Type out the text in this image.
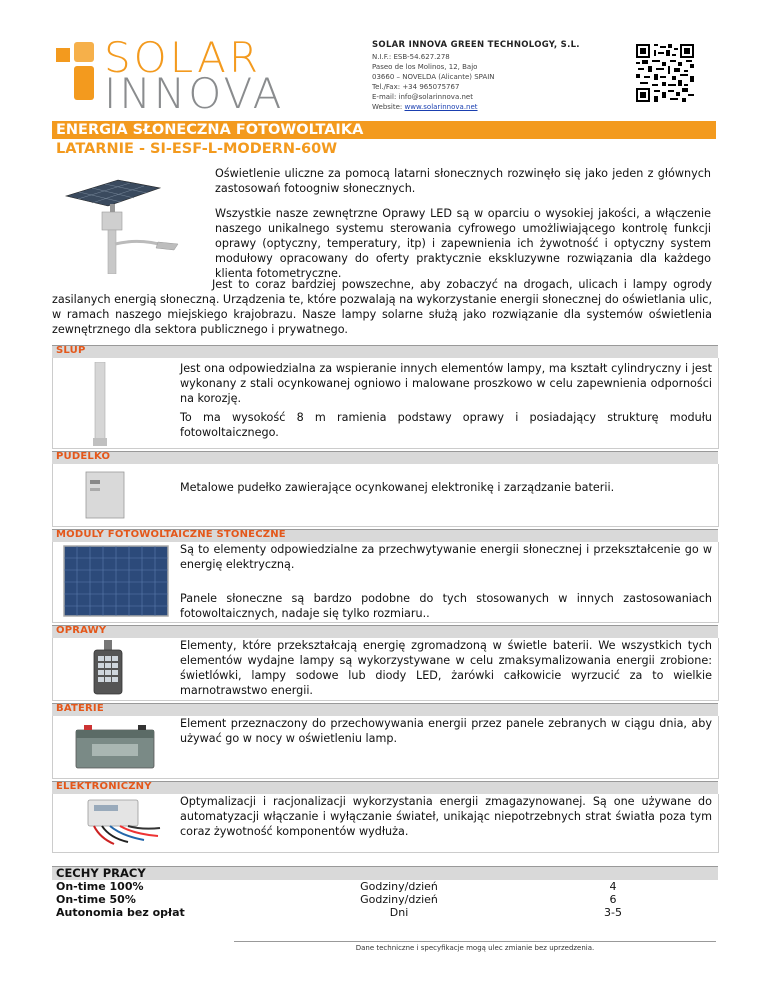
SOLAR
INNOVA
SOLAR INNOVA GREEN TECHNOLOGY, S.L.
N.I.F.: ESB-54.627.278
Paseo de los Molinos, 12, Bajo
03660 – NOVELDA (Alicante) SPAIN
Tel./Fax: +34 965075767
E-mail: info@solarinnova.net
Website: www.solarinnova.net
ENERGIA SŁONECZNA FOTOWOLTAIKA
LATARNIE - SI-ESF-L-MODERN-60W
Oświetlenie uliczne za pomocą latarni słonecznych rozwinęło się jako jeden z głównych zastosowań fotoogniw słonecznych.
Wszystkie nasze zewnętrzne Oprawy LED są w oparciu o wysokiej jakości, a włączenie naszego unikalnego systemu sterowania cyfrowego umożliwiającego kontrolę funkcji oprawy (optyczny, temperatury, itp) i zapewnienia ich żywotność i optyczny system modułowy opracowany do oferty praktycznie ekskluzywne rozwiązania dla każdego klienta fotometryczne.
Jest to coraz bardziej powszechne, aby zobaczyć na drogach, ulicach i lampy ogrody zasilanych energią słoneczną. Urządzenia te, które pozwalają na wykorzystanie energii słonecznej do oświetlania ulic, w ramach naszego miejskiego krajobrazu. Nasze lampy solarne służą jako rozwiązanie dla systemów oświetlenia zewnętrznego dla sektora publicznego i prywatnego.
SLUP
Jest ona odpowiedzialna za wspieranie innych elementów lampy, ma kształt cylindryczny i jest wykonany z stali ocynkowanej ogniowo i malowane proszkowo w celu zapewnienia odporności na korozję.
To ma wysokość 8 m ramienia podstawy oprawy i posiadający strukturę modułu fotowoltaicznego.
PUDELKO
Metalowe pudełko zawierające ocynkowanej elektronikę i zarządzanie baterii.
MODULY FOTOWOLTAICZNE STONECZNE
Są to elementy odpowiedzialne za przechwytywanie energii słonecznej i przekształcenie go w energię elektryczną.
Panele słoneczne są bardzo podobne do tych stosowanych w innych zastosowaniach fotowoltaicznych, nadaje się tylko rozmiaru..
OPRAWY
Elementy, które przekształcają energię zgromadzoną w świetle baterii. We wszystkich tych elementów wydajne lampy są wykorzystywane w celu zmaksymalizowania energii zrobione: świetlówki, lampy sodowe lub diody LED, żarówki całkowicie wyrzucić za to wielkie marnotrawstwo energii.
BATERIE
Element przeznaczony do przechowywania energii przez panele zebranych w ciągu dnia, aby używać go w nocy w oświetleniu lamp.
ELEKTRONICZNY
Optymalizacji i racjonalizacji wykorzystania energii zmagazynowanej. Są one używane do automatyzacji włączanie i wyłączanie świateł, unikając niepotrzebnych strat światła poza tym coraz żywotność komponentów wydłuża.
CECHY PRACY		
On-time 100%	Godziny/dzień	4
On-time 50%	Godziny/dzień	6
Autonomia bez opłat	Dni	3-5
Dane techniczne i specyfikacje mogą ulec zmianie bez uprzedzenia.
